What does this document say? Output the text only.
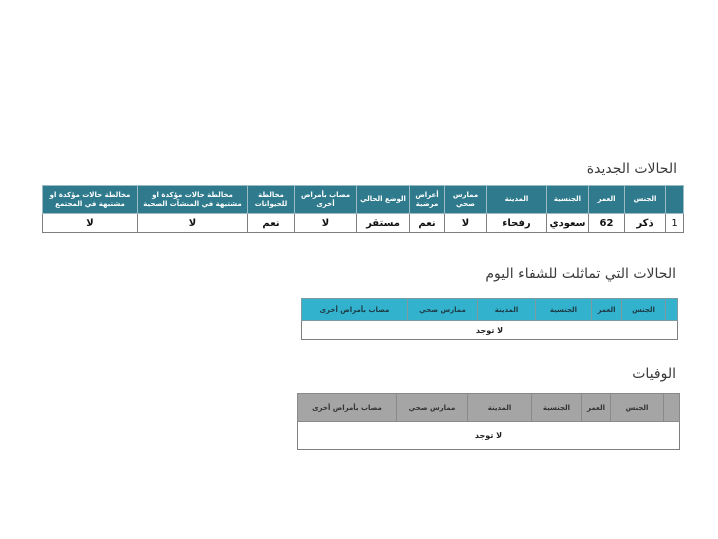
الحالات الجديدة
	الجنس	العمر	الجنسية	المدينة	ممارس صحي	أعراض مرضية	الوضع الحالي	مصاب بأمراض أخرى	مخالطة للحيوانات	مخالطة حالات مؤكدة او مشتبهة في المنشآت الصحية	مخالطة حالات مؤكدة او مشتبهة في المجتمع
1	ذكر	62	سعودي	رفحاء	لا	نعم	مستقر	لا	نعم	لا	لا
الحالات التي تماثلت للشفاء اليوم
	الجنس	العمر	الجنسية	المدينة	ممارس صحي	مصاب بأمراض أخرى
لا توجد
الوفيات
	الجنس	العمر	الجنسية	المدينة	ممارس صحي	مصاب بأمراض أخرى
لا توجد
